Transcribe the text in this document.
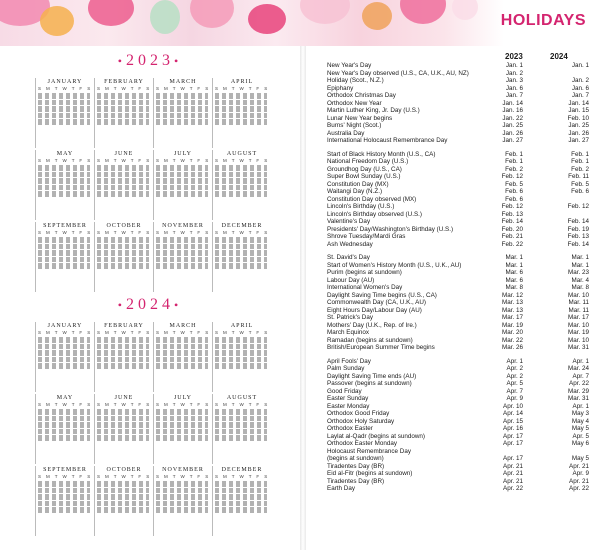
HOLIDAYS
•2023•
JANUARY
S M T W T F S
FEBRUARY
S M T W T F S
MARCH
S M T W T F S
APRIL
S M T W T F S
MAY
S M T W T F S
JUNE
S M T W T F S
JULY
S M T W T F S
AUGUST
S M T W T F S
SEPTEMBER
S M T W T F S
OCTOBER
S M T W T F S
NOVEMBER
S M T W T F S
DECEMBER
S M T W T F S
•2024•
JANUARY
S M T W T F S
FEBRUARY
S M T W T F S
MARCH
S M T W T F S
APRIL
S M T W T F S
MAY
S M T W T F S
JUNE
S M T W T F S
JULY
S M T W T F S
AUGUST
S M T W T F S
SEPTEMBER
S M T W T F S
OCTOBER
S M T W T F S
NOVEMBER
S M T W T F S
DECEMBER
S M T W T F S
2023	2024
New Year's Day	Jan. 1	Jan. 1
New Year's Day observed (U.S., CA, U.K., AU, NZ)	Jan. 2
Holiday (Scot., N.Z.)	Jan. 3	Jan. 2
Epiphany	Jan. 6	Jan. 6
Orthodox Christmas Day	Jan. 7	Jan. 7
Orthodox New Year	Jan. 14	Jan. 14
Martin Luther King, Jr. Day (U.S.)	Jan. 16	Jan. 15
Lunar New Year begins	Jan. 22	Feb. 10
Burns' Night (Scot.)	Jan. 25	Jan. 25
Australia Day	Jan. 26	Jan. 26
International Holocaust Remembrance Day	Jan. 27	Jan. 27
Start of Black History Month (U.S., CA)	Feb. 1	Feb. 1
National Freedom Day (U.S.)	Feb. 1	Feb. 1
Groundhog Day (U.S., CA)	Feb. 2	Feb. 2
Super Bowl Sunday (U.S.)	Feb. 12	Feb. 11
Constitution Day (MX)	Feb. 5	Feb. 5
Waitangi Day (N.Z.)	Feb. 6	Feb. 6
Constitution Day observed (MX)	Feb. 6
Lincoln's Birthday (U.S.)	Feb. 12	Feb. 12
Lincoln's Birthday observed (U.S.)	Feb. 13
Valentine's Day	Feb. 14	Feb. 14
Presidents' Day/Washington's Birthday (U.S.)	Feb. 20	Feb. 19
Shrove Tuesday/Mardi Gras	Feb. 21	Feb. 13
Ash Wednesday	Feb. 22	Feb. 14
St. David's Day	Mar. 1	Mar. 1
Start of Women's History Month (U.S., U.K., AU)	Mar. 1	Mar. 1
Purim (begins at sundown)	Mar. 6	Mar. 23
Labour Day (AU)	Mar. 6	Mar. 4
International Women's Day	Mar. 8	Mar. 8
Daylight Saving Time begins (U.S., CA)	Mar. 12	Mar. 10
Commonwealth Day (CA, U.K., AU)	Mar. 13	Mar. 11
Eight Hours Day/Labour Day (AU)	Mar. 13	Mar. 11
St. Patrick's Day	Mar. 17	Mar. 17
Mothers' Day (U.K., Rep. of Ire.)	Mar. 19	Mar. 10
March Equinox	Mar. 20	Mar. 19
Ramadan (begins at sundown)	Mar. 22	Mar. 10
British/European Summer Time begins	Mar. 26	Mar. 31
April Fools' Day	Apr. 1	Apr. 1
Palm Sunday	Apr. 2	Mar. 24
Daylight Saving Time ends (AU)	Apr. 2	Apr. 7
Passover (begins at sundown)	Apr. 5	Apr. 22
Good Friday	Apr. 7	Mar. 29
Easter Sunday	Apr. 9	Mar. 31
Easter Monday	Apr. 10	Apr. 1
Orthodox Good Friday	Apr. 14	May 3
Orthodox Holy Saturday	Apr. 15	May 4
Orthodox Easter	Apr. 16	May 5
Laylat al-Qadr (begins at sundown)	Apr. 17	Apr. 5
Orthodox Easter Monday	Apr. 17	May 6
Holocaust Remembrance Day
(begins at sundown)	Apr. 17	May 5
Tiradentes Day (BR)	Apr. 21	Apr. 21
Eid al-Fitr (begins at sundown)	Apr. 21	Apr. 9
Tiradentes Day (BR)	Apr. 21	Apr. 21
Earth Day	Apr. 22	Apr. 22
